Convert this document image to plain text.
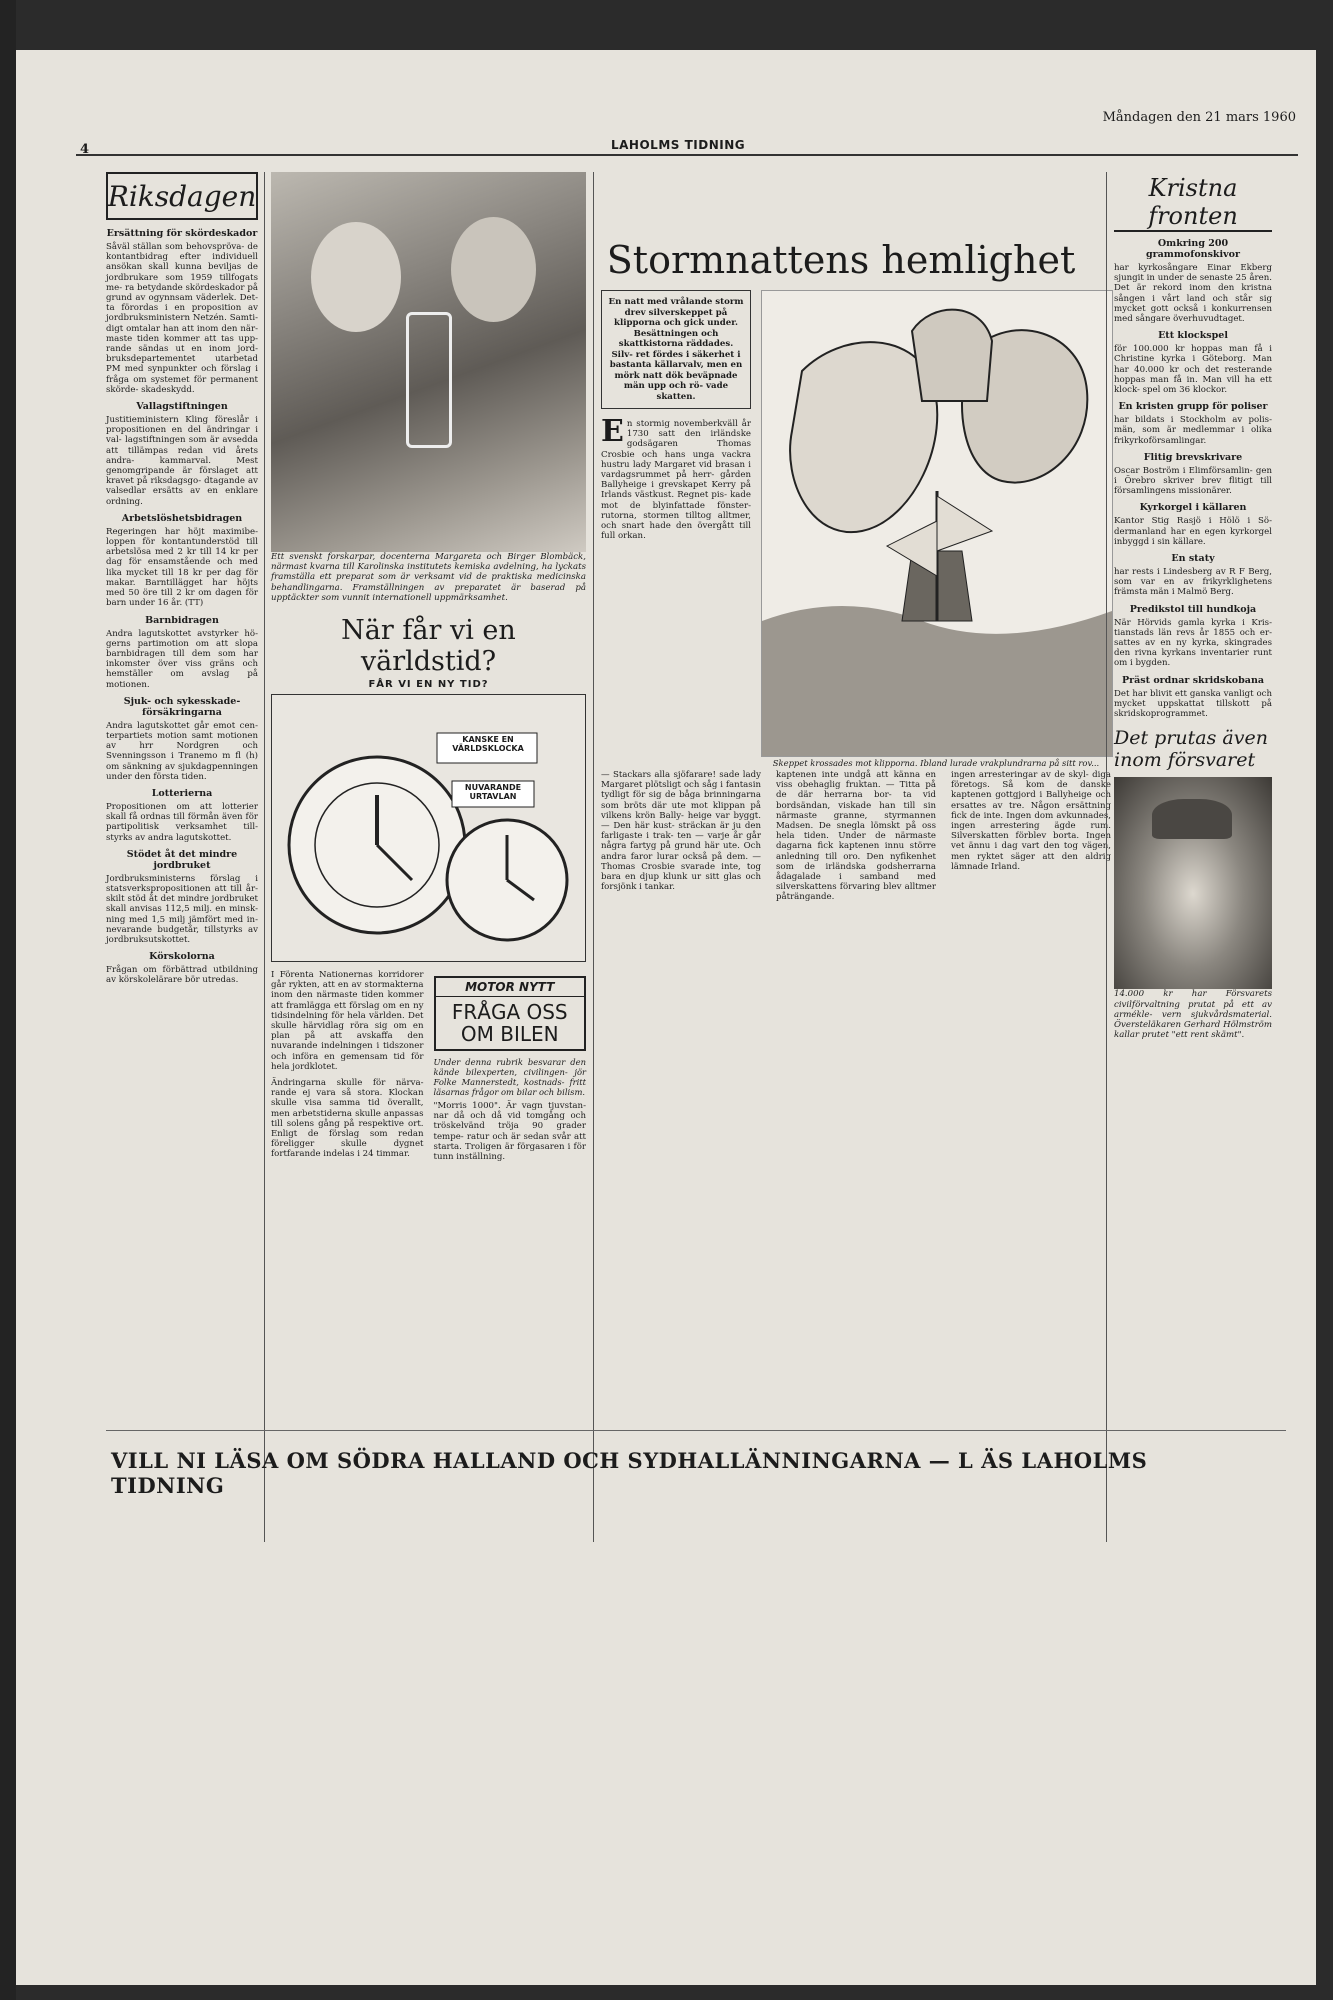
4	LAHOLMS TIDNING
Måndagen den 21 mars 1960
Riksdagen
Ersättning för skördeskador

Såväl ställan som behovspröva- de kontantbidrag efter individuell ansökan skall kunna beviljas de jordbrukare som 1959 tillfogats me- ra betydande skördeskador på grund av ogynnsam väderlek. Det- ta förordas i en proposition av jordbruksministern Netzén. Samti- digt omtalar han att inom den när- maste tiden kommer att tas upp- rande sändas ut en inom jord- bruksdepartementet utarbetad PM med synpunkter och förslag i fråga om systemet för permanent skörde- skadeskydd.

Vallagstiftningen

Justitieministern Kling föreslår i propositionen en del ändringar i val- lagstiftningen som är avsedda att tillämpas redan vid årets andra- kammarval. Mest genomgripande är förslaget att kravet på riksdagsgo- dtagande av valsedlar ersätts av en enklare ordning.

Arbetslöshetsbidragen

Regeringen har höjt maximibe- loppen för kontantunderstöd till arbetslösa med 2 kr till 14 kr per dag för ensamstående och med lika mycket till 18 kr per dag för makar. Barntillägget har höjts med 50 öre till 2 kr om dagen för barn under 16 år. (TT)

Barnbidragen

Andra lagutskottet avstyrker hö- gerns partimotion om att slopa barnbidragen till dem som har inkomster över viss gräns och hemställer om avslag på motionen.

Sjuk- och sykesskade- försäkringarna

Andra lagutskottet går emot cen- terpartiets motion samt motionen av hrr Nordgren och Svenningsson i Tranemo m fl (h) om sänkning av sjukdagpenningen under den första tiden.

Lotterierna

Propositionen om att lotterier skall få ordnas till förmån även för partipolitisk verksamhet till- styrks av andra lagutskottet.

Stödet åt det mindre jordbruket

Jordbruksministerns förslag i statsverkspropositionen att till år- skilt stöd åt det mindre jordbruket skall anvisas 112,5 milj. en minsk- ning med 1,5 milj jämfört med in- nevarande budgetår, tillstyrks av jordbruksutskottet.

Körskolorna

Frågan om förbättrad utbildning av körskolelärare bör utredas.

Ett svenskt forskarpar, docenterna Margareta och Birger Blombäck, närmast kvarna till Karolinska institutets kemiska avdelning, ha lyckats framställa ett preparat som är verksamt vid de praktiska medicinska behandlingarna. Framställningen av preparatet är baserad på upptäckter som vunnit internationell uppmärksamhet.

När får vi en världstid?
FÅR VI EN NY TID?
KANSKE EN VÄRLDSKLOCKA
NUVARANDE URTAVLAN

I Förenta Nationernas korridorer går rykten, att en av stormakterna inom den närmaste tiden kommer att framlägga ett förslag om en ny tidsindelning för hela världen. Det skulle härvidlag röra sig om en plan på att avskaffa den nuvarande indelningen i tidszoner och införa en gemensam tid för hela jordklotet.

Ändringarna skulle för närva- rande ej vara så stora. Klockan skulle visa samma tid överallt, men arbetstiderna skulle anpassas till solens gång på respektive ort. Enligt de förslag som redan föreligger skulle dygnet fortfarande indelas i 24 timmar.

MOTOR NYTT
FRÅGA OSS OM BILEN

Under denna rubrik besvarar den kände bilexperten, civilingen- jör Folke Mannerstedt, kostnads- fritt läsarnas frågor om bilar och bilism.

"Morris 1000". Är vagn tjuvstan- nar då och då vid tomgång och tröskelvänd tröja 90 grader tempe- ratur och är sedan svår att starta. Troligen är förgasaren i för tunn inställning.

Stormnattens hemlighet
En natt med vrålande storm drev silverskeppet på klipporna och gick under. Besättningen och skattkistorna räddades. Silv- ret fördes i säkerhet i bastanta källarvalv, men en mörk natt dök beväpnade män upp och rö- vade skatten.

En stormig novemberkväll år 1730 satt den irländske godsägaren Thomas Crosbie och hans unga vackra hustru lady Margaret vid brasan i vardagsrummet på herr- gården Ballyheige i grevskapet Kerry på Irlands västkust. Regnet pis- kade mot de blyinfattade fönster- rutorna, stormen tilltog alltmer, och snart hade den övergått till full orkan.

Skeppet krossades mot klipporna. Ibland lurade vrakplundrarna på sitt rov...

— Stackars alla sjöfarare! sade lady Margaret plötsligt och såg i fantasin tydligt för sig de båga brinningarna som bröts där ute mot klippan på vilkens krön Bally- heige var byggt. — Den här kust- sträckan är ju den farligaste i trak- ten — varje år går några fartyg på grund här ute. Och andra faror lurar också på dem. — Thomas Crosbie svarade inte, tog bara en djup klunk ur sitt glas och forsjönk i tankar.

kaptenen inte undgå att känna en viss obehaglig fruktan. — Titta på de där herrarna bor- ta vid bordsändan, viskade han till sin närmaste granne, styrmannen Madsen. De snegla lömskt på oss hela tiden. Under de närmaste dagarna fick kaptenen innu större anledning till oro. Den nyfikenhet som de irländska godsherrarna ådagalade i samband med silverskattens förvaring blev alltmer påträngande.

ingen arresteringar av de skyl- diga företogs. Så kom de danske kaptenen gottgjord i Ballyheige och ersattes av tre. Någon ersättning fick de inte. Ingen dom avkunnades, ingen arrestering ägde rum. Silverskatten förblev borta. Ingen vet ännu i dag vart den tog vägen, men ryktet säger att den aldrig lämnade Irland.

Kristna fronten
Omkring 200 grammofonskivor

har kyrkosångare Einar Ekberg sjungit in under de senaste 25 åren. Det är rekord inom den kristna sången i vårt land och står sig mycket gott också i konkurrensen med sångare överhuvudtaget.

Ett klockspel

för 100.000 kr hoppas man få i Christine kyrka i Göteborg. Man har 40.000 kr och det resterande hoppas man få in. Man vill ha ett klock- spel om 36 klockor.

En kristen grupp för poliser

har bildats i Stockholm av polis- män, som är medlemmar i olika frikyrkoförsamlingar.

Flitig brevskrivare

Oscar Boström i Elimförsamlin- gen i Örebro skriver brev flitigt till församlingens missionärer.

Kyrkorgel i källaren

Kantor Stig Rasjö i Hölö i Sö- dermanland har en egen kyrkorgel inbyggd i sin källare.

En staty

har rests i Lindesberg av R F Berg, som var en av frikyrklighetens främsta män i Malmö Berg.

Predikstol till hundkoja

När Hörvids gamla kyrka i Kris- tianstads län revs år 1855 och er- sattes av en ny kyrka, skingrades den rivna kyrkans inventarier runt om i bygden.

Präst ordnar skridskobana

Det har blivit ett ganska vanligt och mycket uppskattat tillskott på skridskoprogrammet.

Det prutas även inom försvaret

14.000 kr har Försvarets civilförvaltning prutat på ett av armékle- vern sjukvårdsmaterial. Översteläkaren Gerhard Hölmström kallar prutet "ett rent skämt".

VILL NI LÄSA OM SÖDRA HALLAND OCH SYDHALLÄNNINGARNA — L ÄS LAHOLMS TIDNING
